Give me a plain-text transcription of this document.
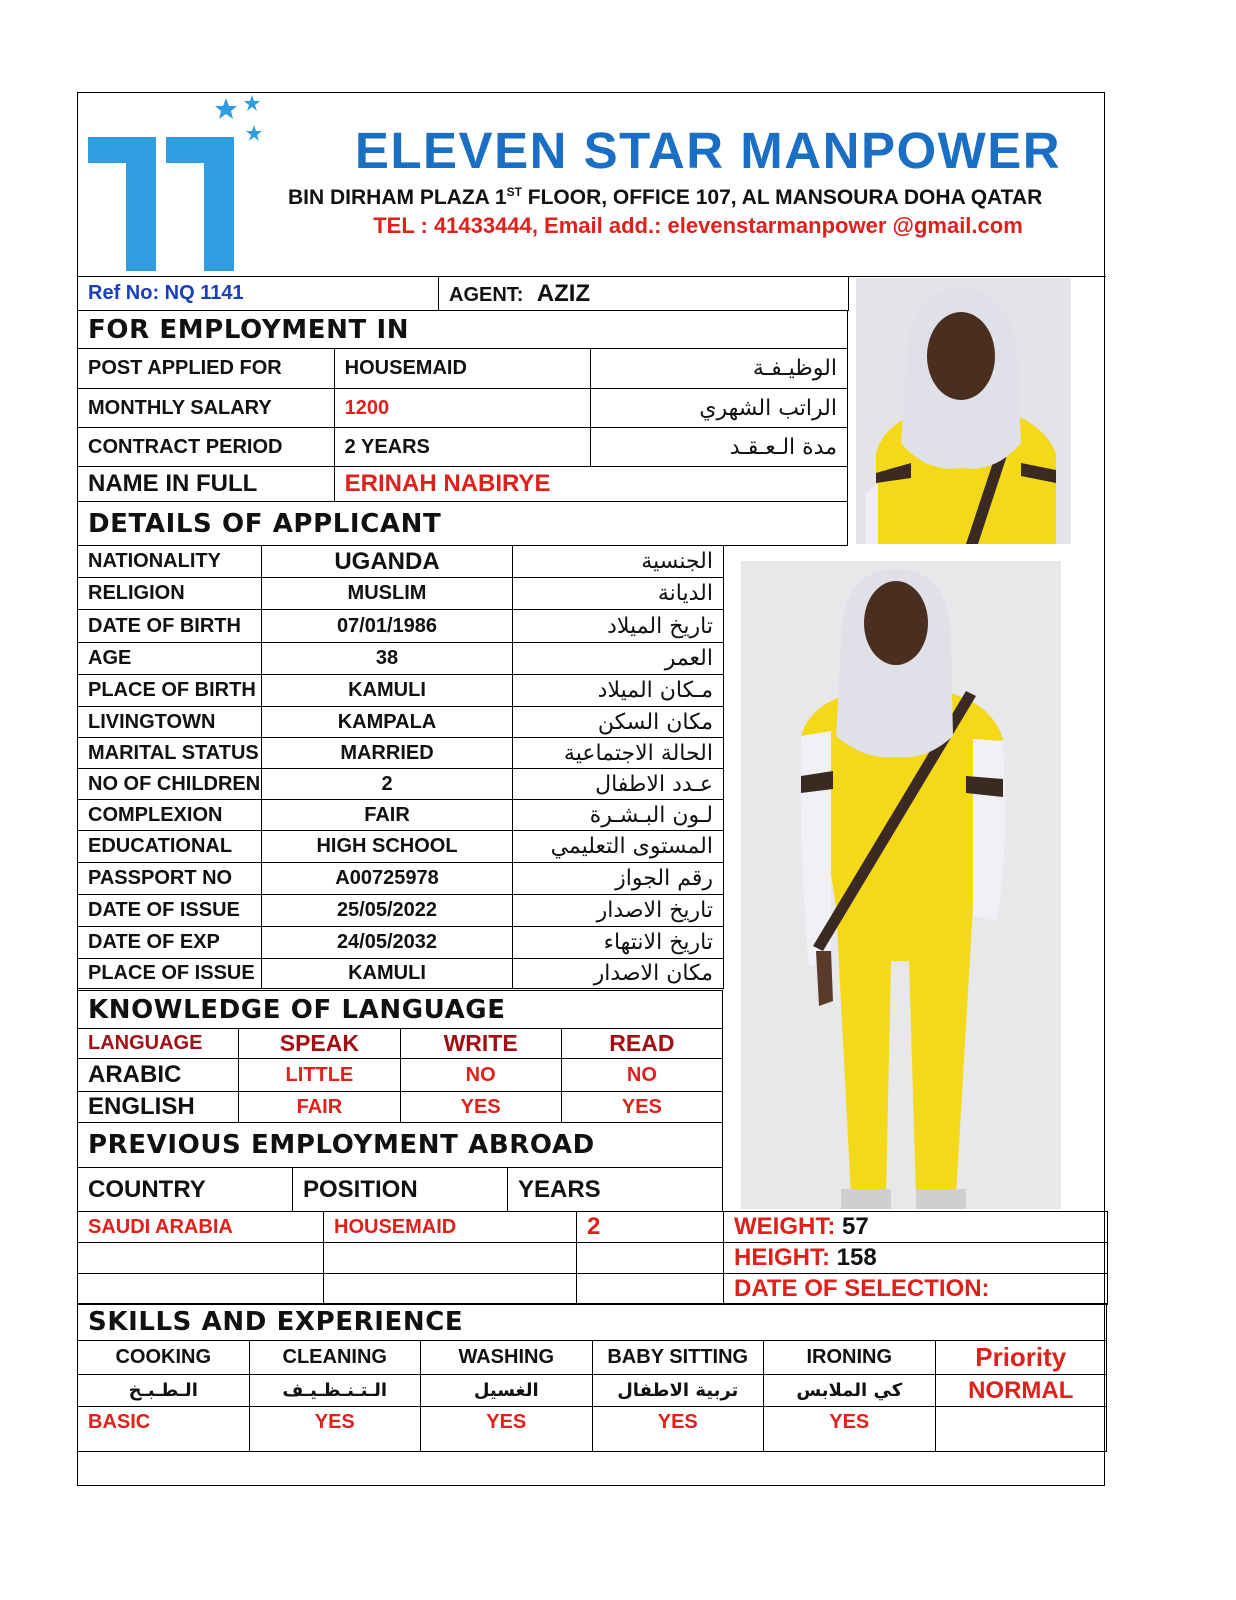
ELEVEN STAR MANPOWER
BIN DIRHAM PLAZA 1ST FLOOR, OFFICE 107, AL MANSOURA DOHA QATAR
TEL : 41433444, Email add.: elevenstarmanpower @gmail.com
Ref No: NQ 1141	AGENT: AZIZ
FOR EMPLOYMENT IN		
POST APPLIED FOR	HOUSEMAID	الوظيـفـة
MONTHLY SALARY	1200	الراتب الشهري
CONTRACT PERIOD	2 YEARS	مدة الـعـقـد
NAME IN FULL	ERINAH NABIRYE	
DETAILS OF APPLICANT		
NATIONALITY	UGANDA	الجنسية
RELIGION	MUSLIM	الديانة
DATE OF BIRTH	07/01/1986	تاريخ الميلاد
AGE	38	العمر
PLACE OF BIRTH	KAMULI	مـكان الميلاد
LIVINGTOWN	KAMPALA	مكان السكن
MARITAL STATUS	MARRIED	الحالة الاجتماعية
NO OF CHILDREN	2	عـدد الاطفال
COMPLEXION	FAIR	لـون البـشـرة
EDUCATIONAL	HIGH SCHOOL	المستوى التعليمي
PASSPORT NO	A00725978	رقم الجواز
DATE OF ISSUE	25/05/2022	تاريخ الاصدار
DATE OF EXP	24/05/2032	تاريخ الانتهاء
PLACE OF ISSUE	KAMULI	مكان الاصدار
KNOWLEDGE OF LANGUAGE			
LANGUAGE	SPEAK	WRITE	READ
ARABIC	LITTLE	NO	NO
ENGLISH	FAIR	YES	YES
PREVIOUS EMPLOYMENT ABROAD
COUNTRY	POSITION	YEARS
SAUDI ARABIA	HOUSEMAID	2	WEIGHT: 57
			HEIGHT: 158
			DATE OF SELECTION:
SKILLS AND EXPERIENCE					
COOKING	CLEANING	WASHING	BABY SITTING	IRONING	Priority
الـطـبـخ	الـتـنـظـيـف	الغسيل	تربية الاطفال	كي الملابس	NORMAL
BASIC	YES	YES	YES	YES	
